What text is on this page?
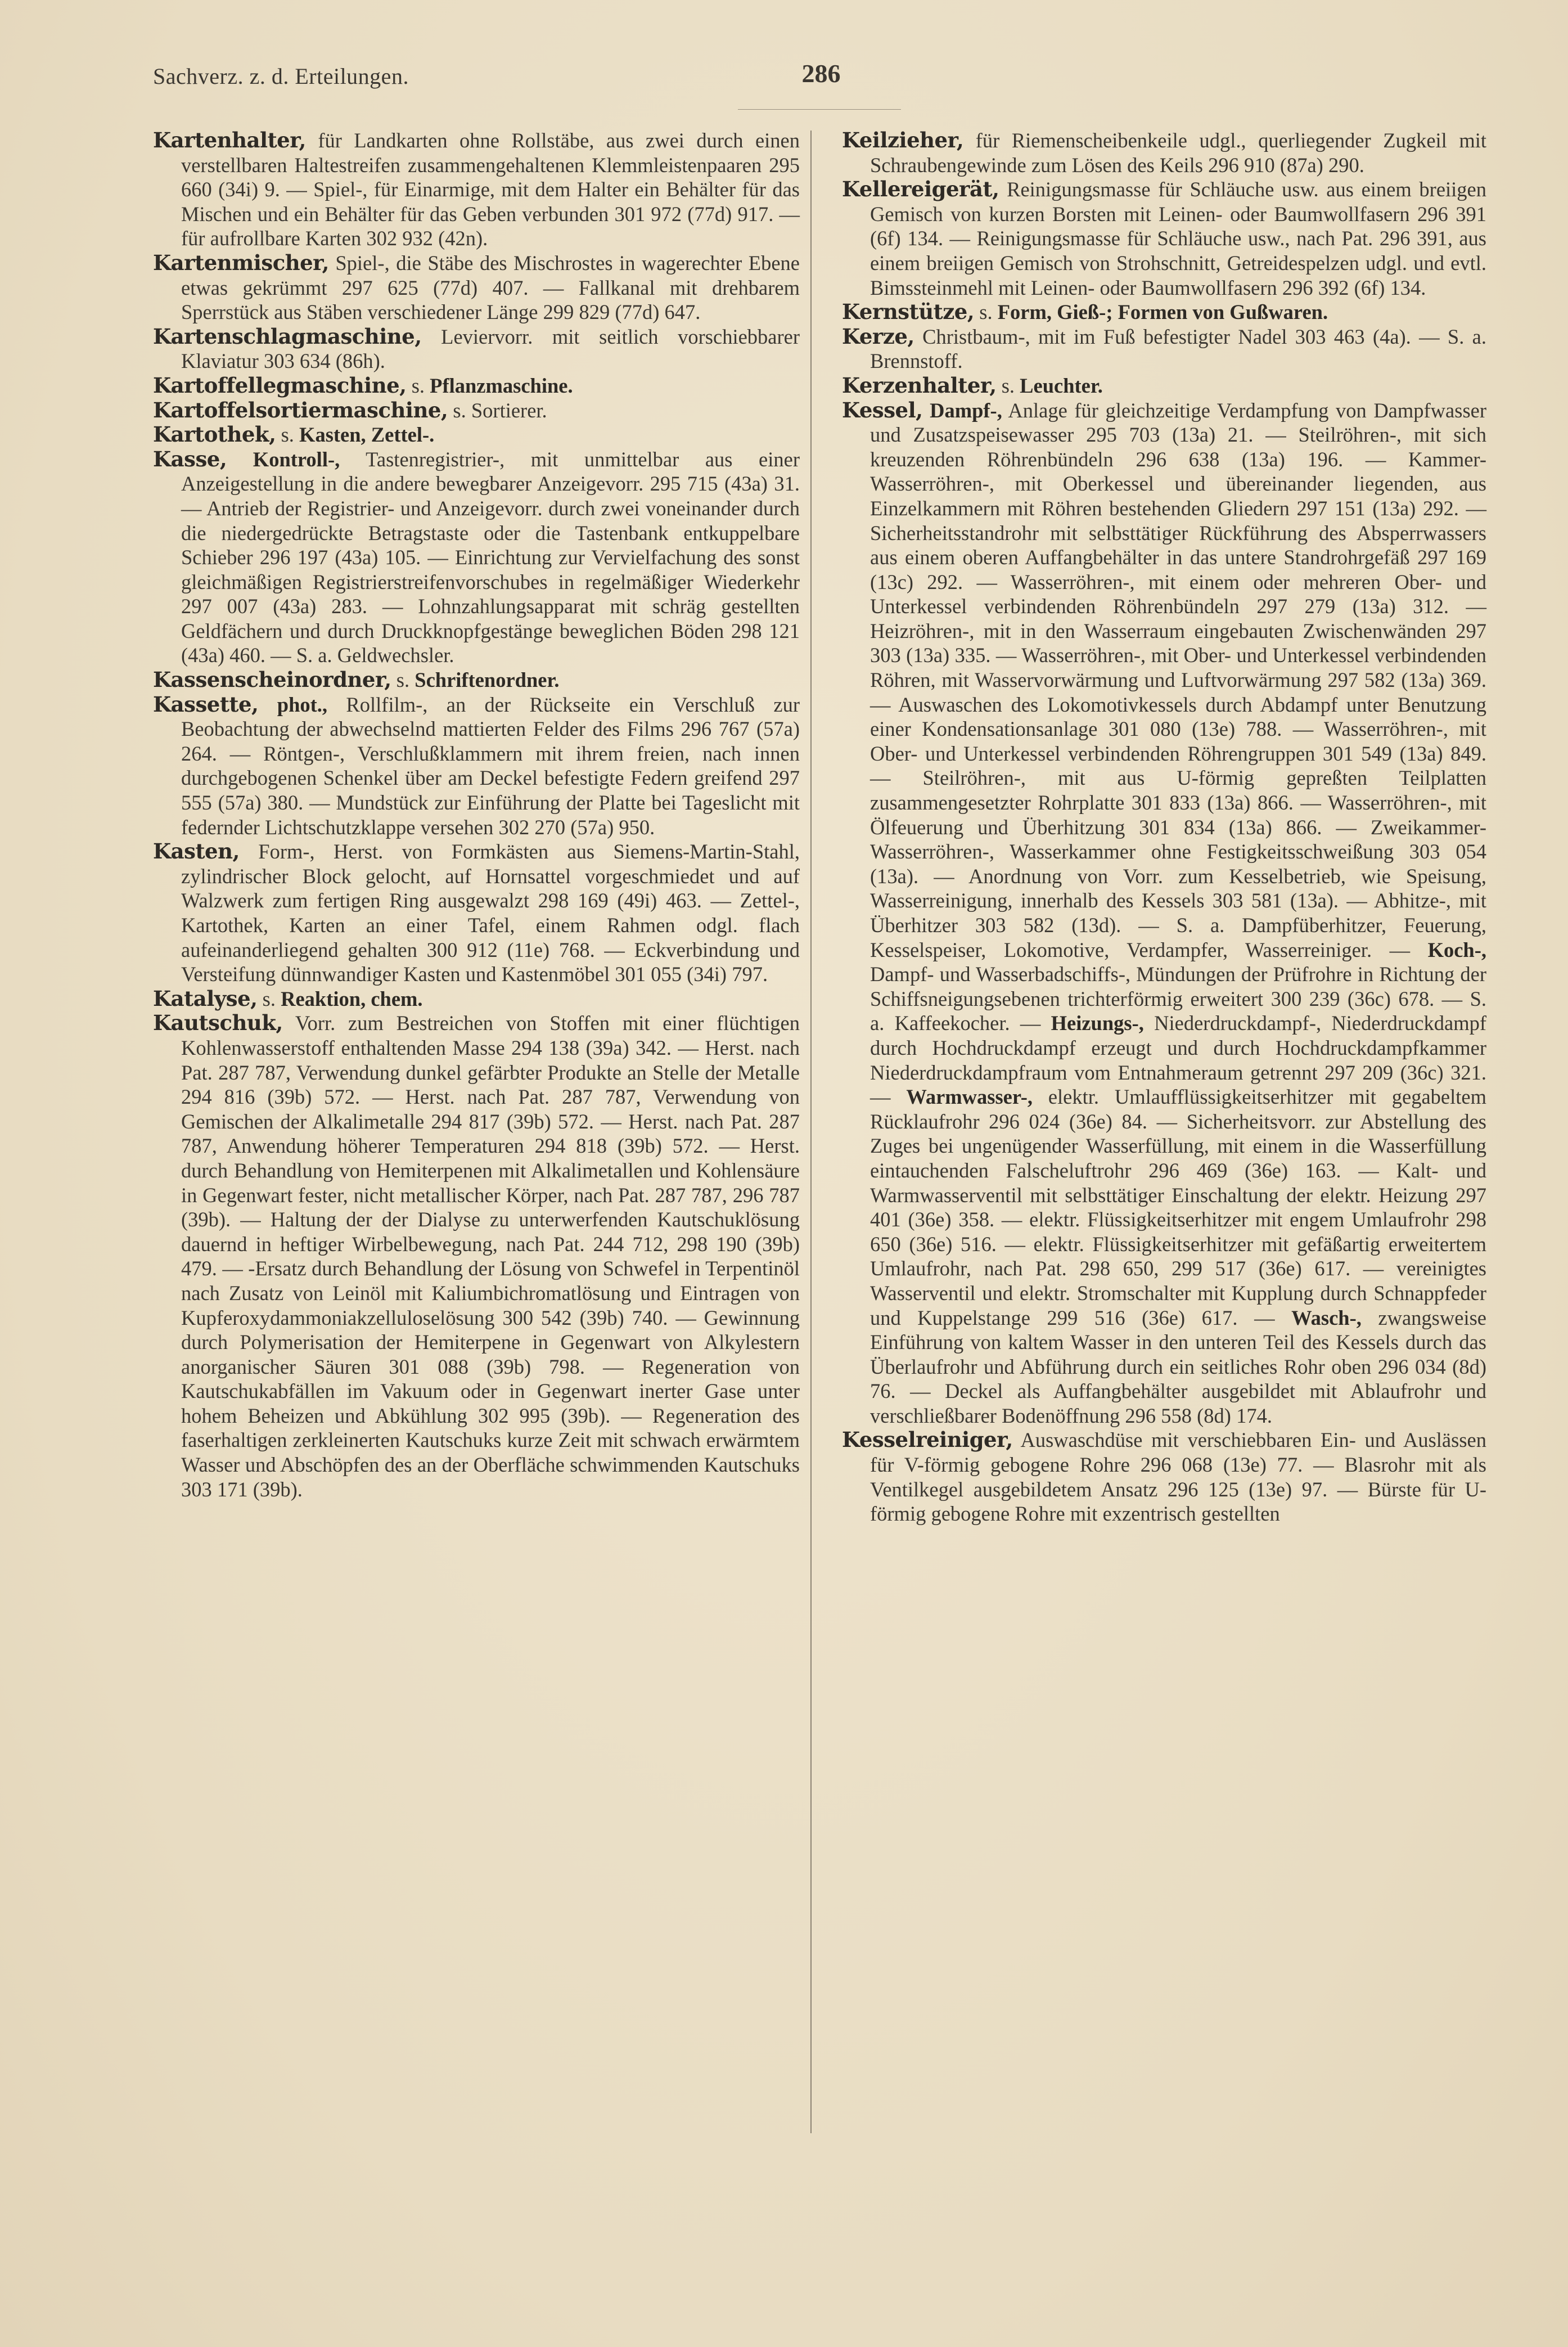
Sachverz. z. d. Erteilungen.	286

Kartenhalter, für Landkarten ohne Rollstäbe, aus zwei durch einen verstellbaren Haltestreifen zusammengehaltenen Klemmleistenpaaren 295 660 (34i) 9. — Spiel-, für Einarmige, mit dem Halter ein Behälter für das Mischen und ein Behälter für das Geben verbunden 301 972 (77d) 917. — für aufrollbare Karten 302 932 (42n).

Kartenmischer, Spiel-, die Stäbe des Mischrostes in wagerechter Ebene etwas gekrümmt 297 625 (77d) 407. — Fallkanal mit drehbarem Sperrstück aus Stäben verschiedener Länge 299 829 (77d) 647.

Kartenschlagmaschine, Leviervorr. mit seitlich vorschiebbarer Klaviatur 303 634 (86h).

Kartoffellegmaschine, s. Pflanzmaschine.

Kartoffelsortiermaschine, s. Sortierer.

Kartothek, s. Kasten, Zettel-.

Kasse, Kontroll-, Tastenregistrier-, mit unmittelbar aus einer Anzeigestellung in die andere bewegbarer Anzeigevorr. 295 715 (43a) 31. — Antrieb der Registrier- und Anzeigevorr. durch zwei voneinander durch die niedergedrückte Betragstaste oder die Tastenbank entkuppelbare Schieber 296 197 (43a) 105. — Einrichtung zur Vervielfachung des sonst gleichmäßigen Registrierstreifenvorschubes in regelmäßiger Wiederkehr 297 007 (43a) 283. — Lohnzahlungsapparat mit schräg gestellten Geldfächern und durch Druckknopfgestänge beweglichen Böden 298 121 (43a) 460. — S. a. Geldwechsler.

Kassenscheinordner, s. Schriftenordner.

Kassette, phot., Rollfilm-, an der Rückseite ein Verschluß zur Beobachtung der abwechselnd mattierten Felder des Films 296 767 (57a) 264. — Röntgen-, Verschlußklammern mit ihrem freien, nach innen durchgebogenen Schenkel über am Deckel befestigte Federn greifend 297 555 (57a) 380. — Mundstück zur Einführung der Platte bei Tageslicht mit federnder Lichtschutzklappe versehen 302 270 (57a) 950.

Kasten, Form-, Herst. von Formkästen aus Siemens-Martin-Stahl, zylindrischer Block gelocht, auf Hornsattel vorgeschmiedet und auf Walzwerk zum fertigen Ring ausgewalzt 298 169 (49i) 463. — Zettel-, Kartothek, Karten an einer Tafel, einem Rahmen odgl. flach aufeinanderliegend gehalten 300 912 (11e) 768. — Eckverbindung und Versteifung dünnwandiger Kasten und Kastenmöbel 301 055 (34i) 797.

Katalyse, s. Reaktion, chem.

Kautschuk, Vorr. zum Bestreichen von Stoffen mit einer flüchtigen Kohlenwasserstoff enthaltenden Masse 294 138 (39a) 342. — Herst. nach Pat. 287 787, Verwendung dunkel gefärbter Produkte an Stelle der Metalle 294 816 (39b) 572. — Herst. nach Pat. 287 787, Verwendung von Gemischen der Alkalimetalle 294 817 (39b) 572. — Herst. nach Pat. 287 787, Anwendung höherer Temperaturen 294 818 (39b) 572. — Herst. durch Behandlung von Hemiterpenen mit Alkalimetallen und Kohlensäure in Gegenwart fester, nicht metallischer Körper, nach Pat. 287 787, 296 787 (39b). — Haltung der der Dialyse zu unterwerfenden Kautschuklösung dauernd in heftiger Wirbelbewegung, nach Pat. 244 712, 298 190 (39b) 479. — -Ersatz durch Behandlung der Lösung von Schwefel in Terpentinöl nach Zusatz von Leinöl mit Kaliumbichromatlösung und Eintragen von Kupferoxydammoniakzelluloselösung 300 542 (39b) 740. — Gewinnung durch Polymerisation der Hemiterpene in Gegenwart von Alkylestern anorganischer Säuren 301 088 (39b) 798. — Regeneration von Kautschukabfällen im Vakuum oder in Gegenwart inerter Gase unter hohem Beheizen und Abkühlung 302 995 (39b). — Regeneration des faserhaltigen zerkleinerten Kautschuks kurze Zeit mit schwach erwärmtem Wasser und Abschöpfen des an der Oberfläche schwimmenden Kautschuks 303 171 (39b).

Keilzieher, für Riemenscheibenkeile udgl., querliegender Zugkeil mit Schraubengewinde zum Lösen des Keils 296 910 (87a) 290.

Kellereigerät, Reinigungsmasse für Schläuche usw. aus einem breiigen Gemisch von kurzen Borsten mit Leinen- oder Baumwollfasern 296 391 (6f) 134. — Reinigungsmasse für Schläuche usw., nach Pat. 296 391, aus einem breiigen Gemisch von Strohschnitt, Getreidespelzen udgl. und evtl. Bimssteinmehl mit Leinen- oder Baumwollfasern 296 392 (6f) 134.

Kernstütze, s. Form, Gieß-; Formen von Gußwaren.

Kerze, Christbaum-, mit im Fuß befestigter Nadel 303 463 (4a). — S. a. Brennstoff.

Kerzenhalter, s. Leuchter.

Kessel, Dampf-, Anlage für gleichzeitige Verdampfung von Dampfwasser und Zusatzspeisewasser 295 703 (13a) 21. — Steilröhren-, mit sich kreuzenden Röhrenbündeln 296 638 (13a) 196. — Kammer-Wasserröhren-, mit Oberkessel und übereinander liegenden, aus Einzelkammern mit Röhren bestehenden Gliedern 297 151 (13a) 292. — Sicherheitsstandrohr mit selbsttätiger Rückführung des Absperrwassers aus einem oberen Auffangbehälter in das untere Standrohrgefäß 297 169 (13c) 292. — Wasserröhren-, mit einem oder mehreren Ober- und Unterkessel verbindenden Röhrenbündeln 297 279 (13a) 312. — Heizröhren-, mit in den Wasserraum eingebauten Zwischenwänden 297 303 (13a) 335. — Wasserröhren-, mit Ober- und Unterkessel verbindenden Röhren, mit Wasservorwärmung und Luftvorwärmung 297 582 (13a) 369. — Auswaschen des Lokomotivkessels durch Abdampf unter Benutzung einer Kondensationsanlage 301 080 (13e) 788. — Wasserröhren-, mit Ober- und Unterkessel verbindenden Röhrengruppen 301 549 (13a) 849. — Steilröhren-, mit aus U-förmig gepreßten Teilplatten zusammengesetzter Rohrplatte 301 833 (13a) 866. — Wasserröhren-, mit Ölfeuerung und Überhitzung 301 834 (13a) 866. — Zweikammer-Wasserröhren-, Wasserkammer ohne Festigkeitsschweißung 303 054 (13a). — Anordnung von Vorr. zum Kesselbetrieb, wie Speisung, Wasserreinigung, innerhalb des Kessels 303 581 (13a). — Abhitze-, mit Überhitzer 303 582 (13d). — S. a. Dampfüberhitzer, Feuerung, Kesselspeiser, Lokomotive, Verdampfer, Wasserreiniger. — Koch-, Dampf- und Wasserbadschiffs-, Mündungen der Prüfrohre in Richtung der Schiffsneigungsebenen trichterförmig erweitert 300 239 (36c) 678. — S. a. Kaffeekocher. — Heizungs-, Niederdruckdampf-, Niederdruckdampf durch Hochdruckdampf erzeugt und durch Hochdruckdampfkammer Niederdruckdampfraum vom Entnahmeraum getrennt 297 209 (36c) 321. — Warmwasser-, elektr. Umlaufflüssigkeitserhitzer mit gegabeltem Rücklaufrohr 296 024 (36e) 84. — Sicherheitsvorr. zur Abstellung des Zuges bei ungenügender Wasserfüllung, mit einem in die Wasserfüllung eintauchenden Falscheluftrohr 296 469 (36e) 163. — Kalt- und Warmwasserventil mit selbsttätiger Einschaltung der elektr. Heizung 297 401 (36e) 358. — elektr. Flüssigkeitserhitzer mit engem Umlaufrohr 298 650 (36e) 516. — elektr. Flüssigkeitserhitzer mit gefäßartig erweitertem Umlaufrohr, nach Pat. 298 650, 299 517 (36e) 617. — vereinigtes Wasserventil und elektr. Stromschalter mit Kupplung durch Schnappfeder und Kuppelstange 299 516 (36e) 617. — Wasch-, zwangsweise Einführung von kaltem Wasser in den unteren Teil des Kessels durch das Überlaufrohr und Abführung durch ein seitliches Rohr oben 296 034 (8d) 76. — Deckel als Auffangbehälter ausgebildet mit Ablaufrohr und verschließbarer Bodenöffnung 296 558 (8d) 174.

Kesselreiniger, Auswaschdüse mit verschiebbaren Ein- und Auslässen für V-förmig gebogene Rohre 296 068 (13e) 77. — Blasrohr mit als Ventilkegel ausgebildetem Ansatz 296 125 (13e) 97. — Bürste für U-förmig gebogene Rohre mit exzentrisch gestellten
